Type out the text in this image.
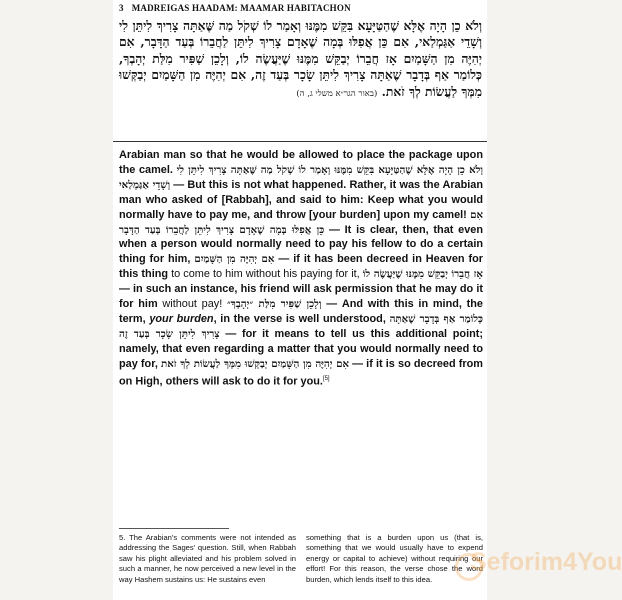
3 MADREIGAS HAADAM: MAAMAR HABITACHON
וְלֹא כֵן הָיָה אֶלָּא שֶׁהַטַּיָּעָא בִּקֵּשׁ מִמֶּנּוּ וְאָמַר לוֹ שְׁקֹל מַה שֶּׁאַתָּה צָרִיךְ לִיתֵּן לִי וְשָׁדֵי אַגַּמְלַאי, אִם כֵּן אֲפִלּוּ בְּמָה שֶׁאָדָם צָרִיךְ לִיתֵּן לַחֲבֵרוֹ בְּעַד הַדָּבָר, אִם יְהִיֶּה מִן הַשָּׁמַיִם אָז חֲבֵרוֹ יְבַקֵּשׁ מִמֶּנּוּ שֶׁיַּעֲשֶׂה לוֹ, וְלָכֵן שַׁפִּיר מִלַּת יְהָבְךָ, כְּלוֹמַר אַף בְּדָבָר שֶׁאַתָּה צָרִיךְ לִיתֵּן שָׂכָר בְּעַד זֶה, אִם יְהִיֶּה מִן הַשָּׁמַיִם יְבַקְּשׁוּ מִמְּךָ לַעֲשׂוֹת לְךָ זֹאת. (באור הגר״א משלי ג, ה)
Arabian man so that he would be allowed to place the package upon the camel. וְלֹא כֵן הָיָה אֶלָּא שֶׁהַטַּיָּעָא בִּקֵּשׁ מִמֶּנּוּ וְאָמַר לוֹ שְׁקֹל מַה שֶּׁאַתָּה צָרִיךְ לִיתֵּן לִי וְשָׁדֵי אַגַּמְלַאי — But this is not what happened. Rather, it was the Arabian man who asked of [Rabbah], and said to him: Keep what you would normally have to pay me, and throw [your burden] upon my camel! אִם כֵּן אֲפִלּוּ בְּמָה שֶׁאָדָם צָרִיךְ לִיתֵּן לַחֲבֵרוֹ בְּעַד הַדָּבָר — It is clear, then, that even when a person would normally need to pay his fellow to do a certain thing for him, אִם יְהִיֶּה מִן הַשָּׁמַיִם — if it has been decreed in Heaven for this thing to come to him without his paying for it, אָז חֲבֵרוֹ יְבַקֵּשׁ מִמֶּנּוּ שֶׁיַּעֲשֶׂה לוֹ — in such an instance, his friend will ask permission that he may do it for him without pay! וְלָכֵן שַׁפִּיר מִלַּת ״יְהָבְךָ״ — And with this in mind, the term, your burden, in the verse is well understood, כְּלוֹמַר אַף בְּדָבָר שֶׁאַתָּה צָרִיךְ לִיתֵּן שָׂכָר בְּעַד זֶה — for it means to tell us this additional point; namely, that even regarding a matter that you would normally need to pay for, אִם יְהִיֶּה מִן הַשָּׁמַיִם יְבַקְּשׁוּ מִמְּךָ לַעֲשׂוֹת לְךָ זֹאת — if it is so decreed from on High, others will ask to do it for you.[5]
5. The Arabian's comments were not intended as addressing the Sages' question. Still, when Rabbah saw his plight alleviated and his problem solved in such a manner, he now perceived a new level in the way Hashem sustains us: He sustains even
something that is a burden upon us (that is, something that we would usually have to expend energy or capital to achieve) without requiring our effort! For this reason, the verse chose the word burden, which lends itself to this idea.
Seforim4You
